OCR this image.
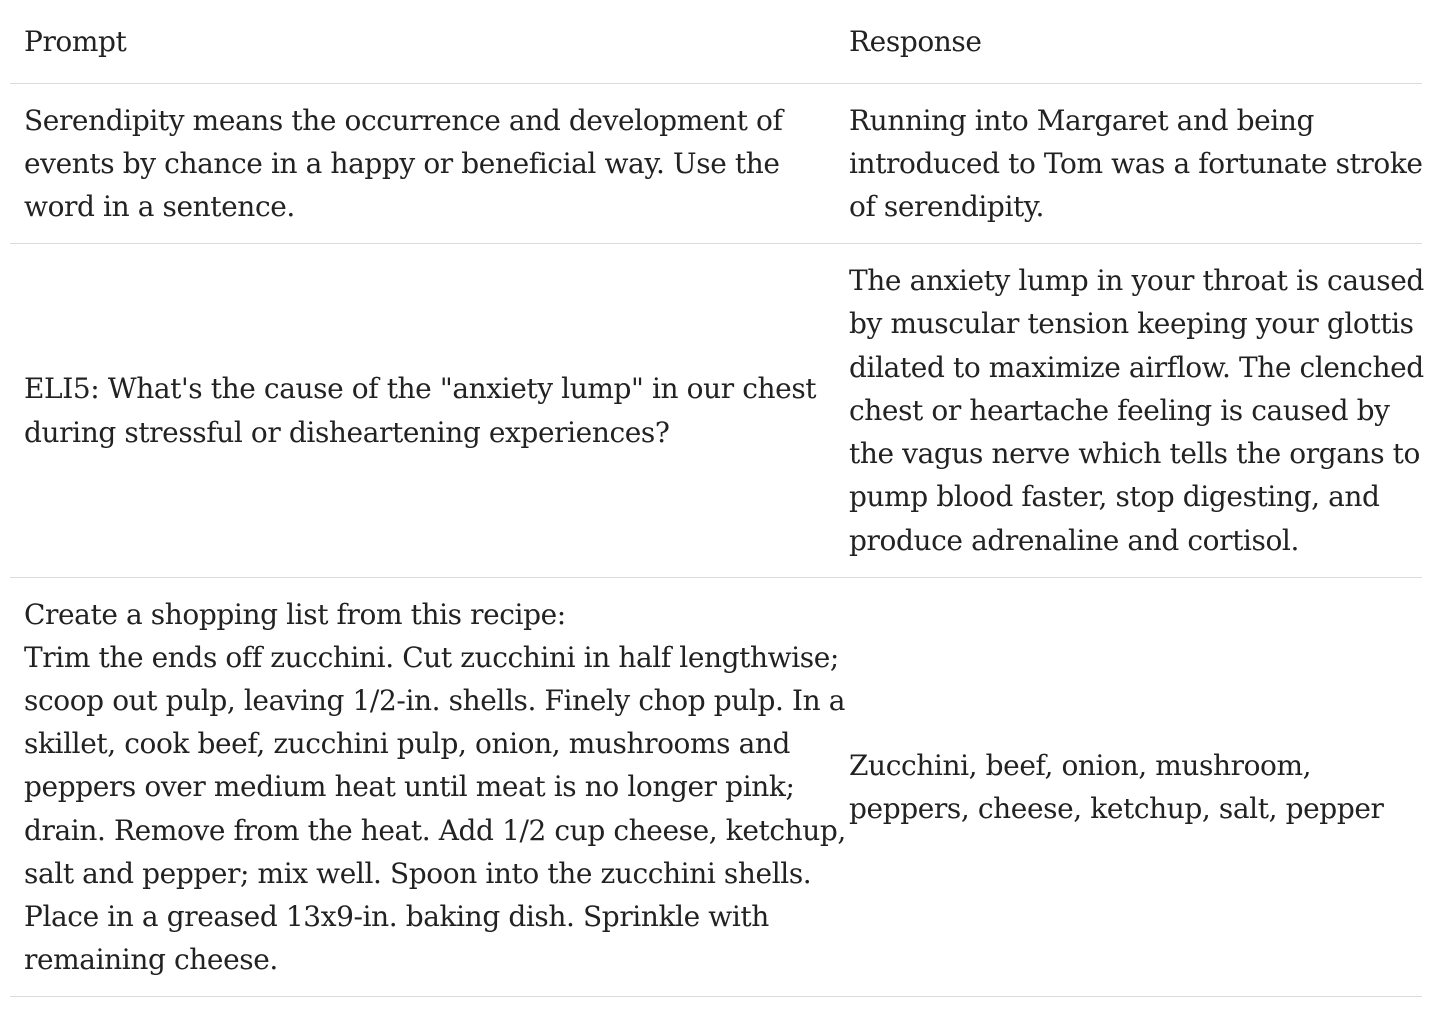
Prompt	Response
Serendipity means the occurrence and development of
events by chance in a happy or beneficial way. Use the
word in a sentence.
Running into Margaret and being
introduced to Tom was a fortunate stroke
of serendipity.
ELI5: What's the cause of the "anxiety lump" in our chest
during stressful or disheartening experiences?
The anxiety lump in your throat is caused
by muscular tension keeping your glottis
dilated to maximize airflow. The clenched
chest or heartache feeling is caused by
the vagus nerve which tells the organs to
pump blood faster, stop digesting, and
produce adrenaline and cortisol.
Create a shopping list from this recipe:
Trim the ends off zucchini. Cut zucchini in half lengthwise;
scoop out pulp, leaving 1/2-in. shells. Finely chop pulp. In a
skillet, cook beef, zucchini pulp, onion, mushrooms and
peppers over medium heat until meat is no longer pink;
drain. Remove from the heat. Add 1/2 cup cheese, ketchup,
salt and pepper; mix well. Spoon into the zucchini shells.
Place in a greased 13x9-in. baking dish. Sprinkle with
remaining cheese.
Zucchini, beef, onion, mushroom,
peppers, cheese, ketchup, salt, pepper
